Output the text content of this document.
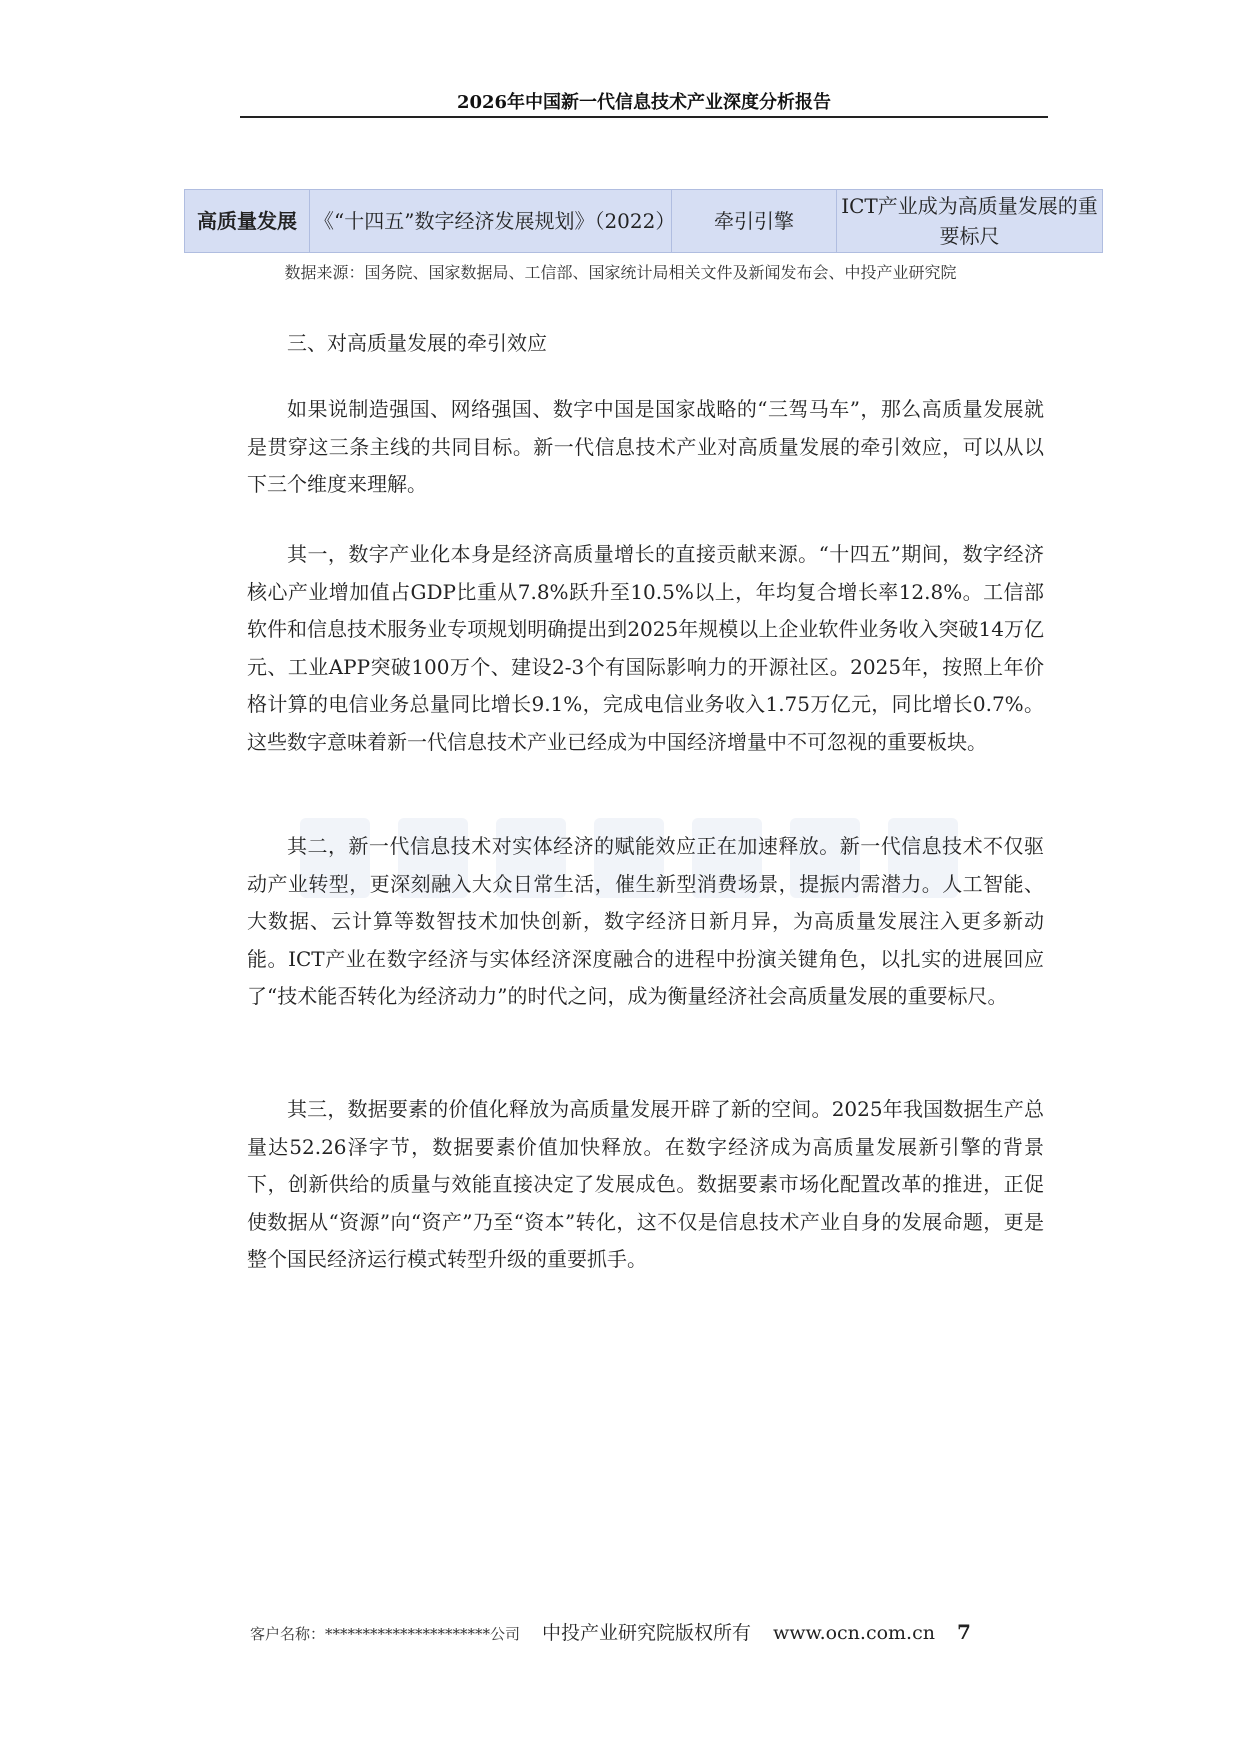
2026年中国新一代信息技术产业深度分析报告
高质量发展	《“十四五”数字经济发展规划》（2022）	牵引引擎	ICT产业成为高质量发展的重要标尺
数据来源：国务院、国家数据局、工信部、国家统计局相关文件及新闻发布会、中投产业研究院
三、对高质量发展的牵引效应

如果说制造强国、网络强国、数字中国是国家战略的“三驾马车”，那么高质量发展就是贯穿这三条主线的共同目标。新一代信息技术产业对高质量发展的牵引效应，可以从以下三个维度来理解。

其一，数字产业化本身是经济高质量增长的直接贡献来源。“十四五”期间，数字经济核心产业增加值占GDP比重从7.8%跃升至10.5%以上，年均复合增长率12.8%。工信部软件和信息技术服务业专项规划明确提出到2025年规模以上企业软件业务收入突破14万亿元、工业APP突破100万个、建设2-3个有国际影响力的开源社区。2025年，按照上年价格计算的电信业务总量同比增长9.1%，完成电信业务收入1.75万亿元，同比增长0.7%。这些数字意味着新一代信息技术产业已经成为中国经济增量中不可忽视的重要板块。

其二，新一代信息技术对实体经济的赋能效应正在加速释放。新一代信息技术不仅驱动产业转型，更深刻融入大众日常生活，催生新型消费场景，提振内需潜力。人工智能、大数据、云计算等数智技术加快创新，数字经济日新月异，为高质量发展注入更多新动能。ICT产业在数字经济与实体经济深度融合的进程中扮演关键角色，以扎实的进展回应了“技术能否转化为经济动力”的时代之问，成为衡量经济社会高质量发展的重要标尺。

其三，数据要素的价值化释放为高质量发展开辟了新的空间。2025年我国数据生产总量达52.26泽字节，数据要素价值加快释放。在数字经济成为高质量发展新引擎的背景下，创新供给的质量与效能直接决定了发展成色。数据要素市场化配置改革的推进，正促使数据从“资源”向“资产”乃至“资本”转化，这不仅是信息技术产业自身的发展命题，更是整个国民经济运行模式转型升级的重要抓手。

客户名称：**********************公司 中投产业研究院版权所有 www.ocn.com.cn 7
